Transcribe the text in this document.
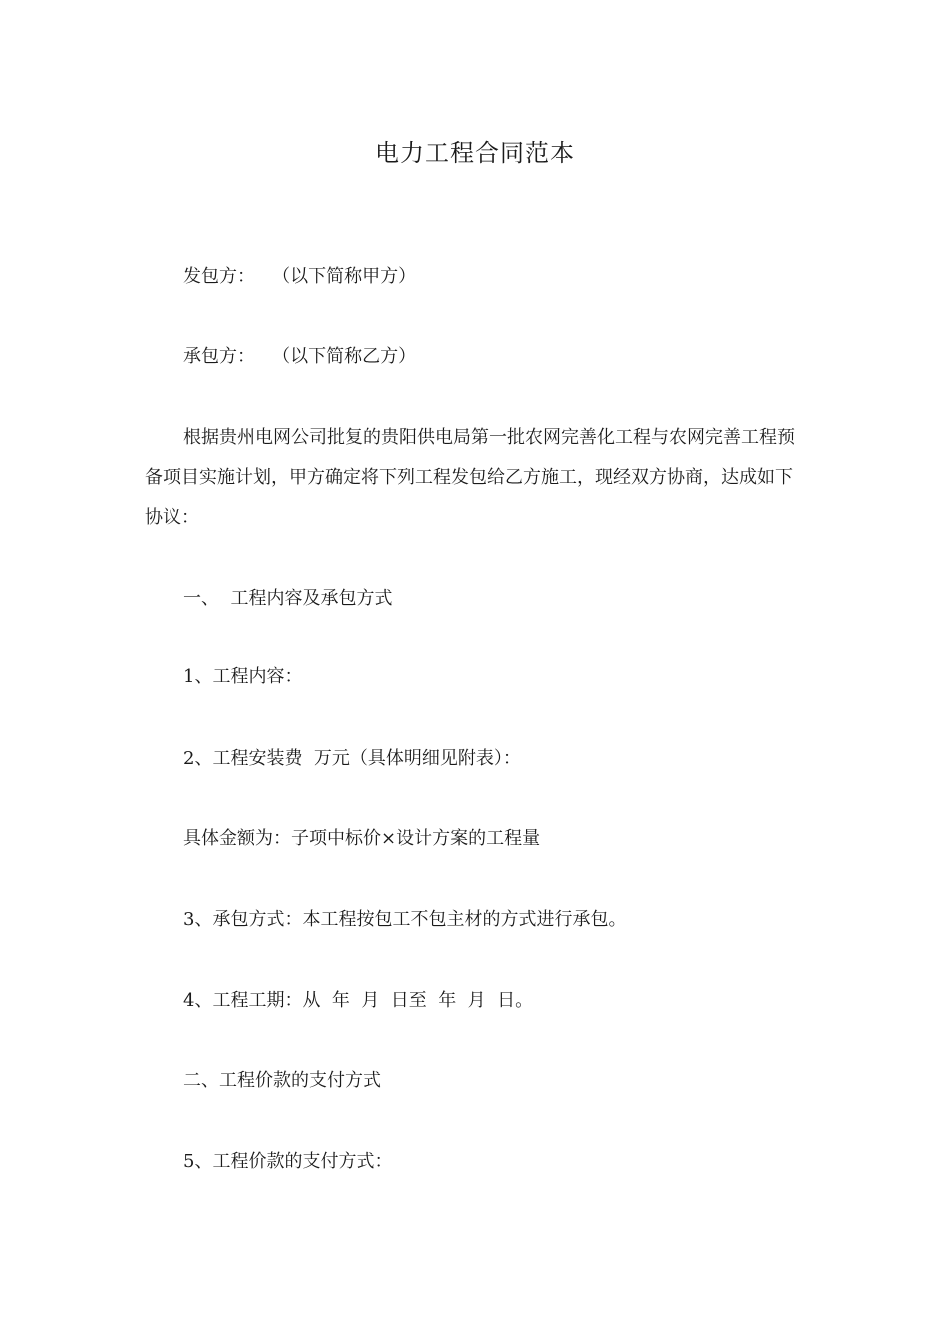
电力工程合同范本
发包方：   （以下简称甲方）
承包方：   （以下简称乙方）
根据贵州电网公司批复的贵阳供电局第一批农网完善化工程与农网完善工程预备项目实施计划，甲方确定将下列工程发包给乙方施工，现经双方协商，达成如下协议：
一、  工程内容及承包方式
1、工程内容：
2、工程安装费  万元（具体明细见附表）：
具体金额为：子项中标价×设计方案的工程量
3、承包方式：本工程按包工不包主材的方式进行承包。
4、工程工期：从  年  月  日至  年  月  日。
二、工程价款的支付方式
5、工程价款的支付方式：
